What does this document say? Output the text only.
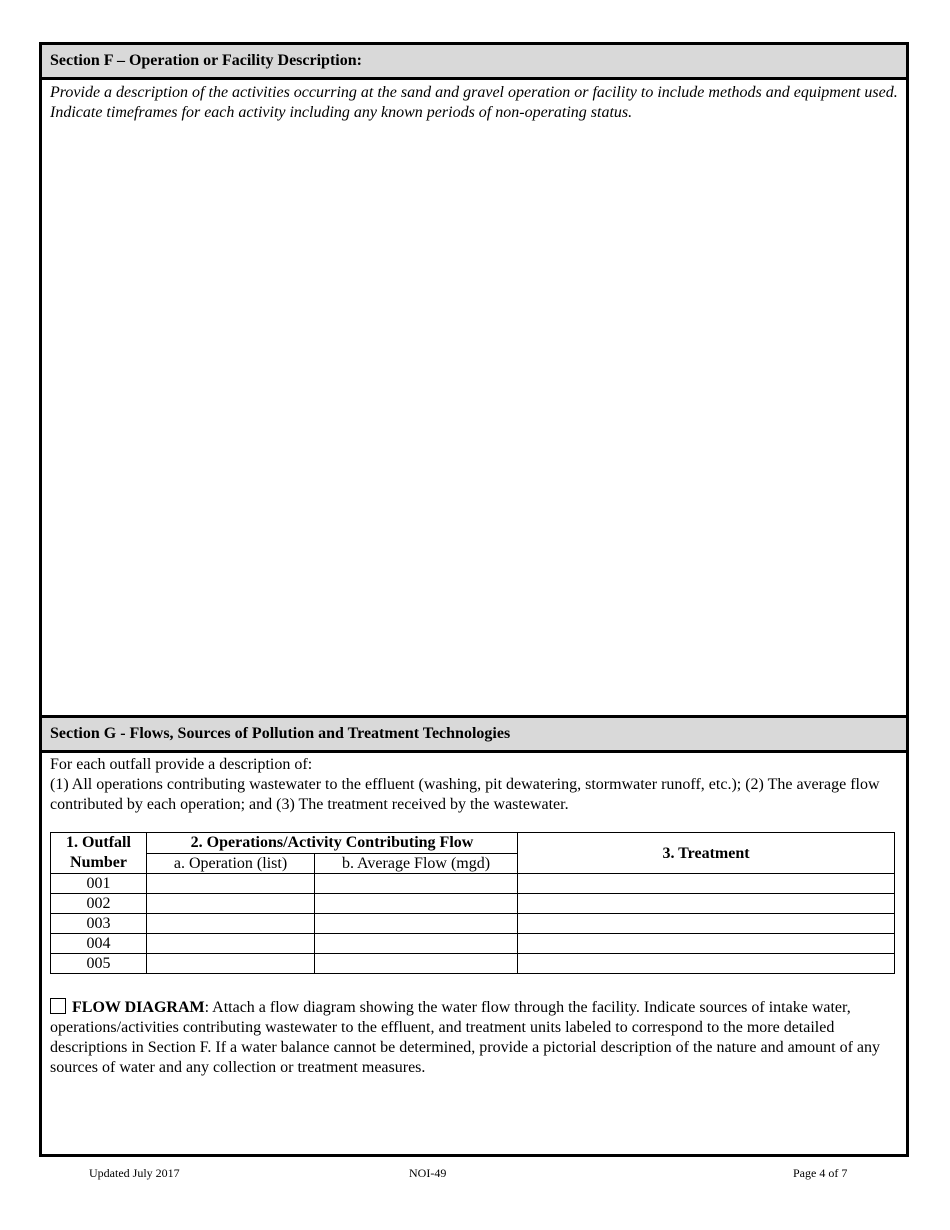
Section F – Operation or Facility Description:
Provide a description of the activities occurring at the sand and gravel operation or facility to include methods and equipment used. Indicate timeframes for each activity including any known periods of non-operating status.
Section G - Flows, Sources of Pollution and Treatment Technologies
For each outfall provide a description of:
(1) All operations contributing wastewater to the effluent (washing, pit dewatering, stormwater runoff, etc.); (2) The average flow contributed by each operation; and (3) The treatment received by the wastewater.
1. Outfall Number	2. Operations/Activity Contributing Flow		3. Treatment
	a. Operation (list)	b. Average Flow (mgd)	
001			
002			
003			
004			
005			
FLOW DIAGRAM: Attach a flow diagram showing the water flow through the facility. Indicate sources of intake water, operations/activities contributing wastewater to the effluent, and treatment units labeled to correspond to the more detailed descriptions in Section F. If a water balance cannot be determined, provide a pictorial description of the nature and amount of any sources of water and any collection or treatment measures.
Updated July 2017	NOI-49	Page 4 of 7
